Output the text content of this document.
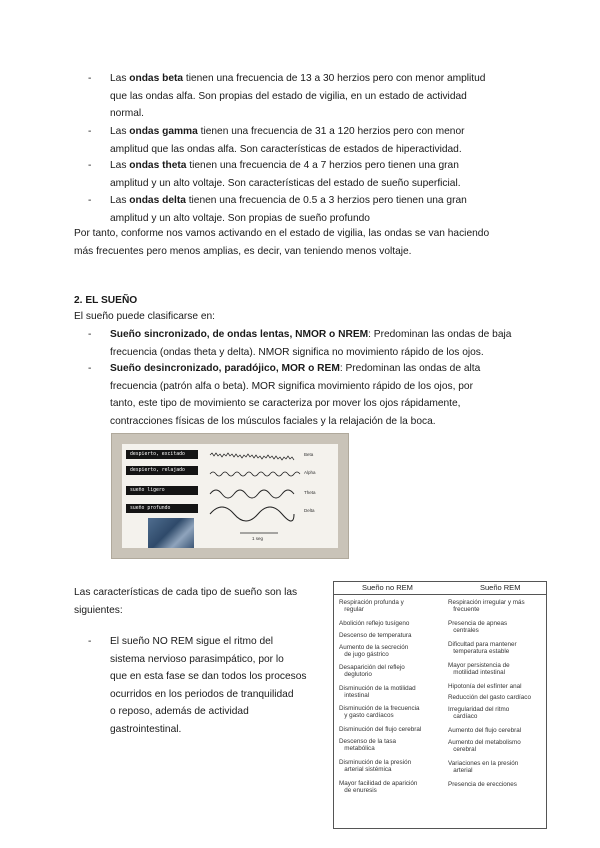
- Las ondas beta tienen una frecuencia de 13 a 30 herzios pero con menor amplitud
que las ondas alfa. Son propias del estado de vigilia, en un estado de actividad
normal.
- Las ondas gamma tienen una frecuencia de 31 a 120 herzios pero con menor
amplitud que las ondas alfa. Son características de estados de hiperactividad.
- Las ondas theta tienen una frecuencia de 4 a 7 herzios pero tienen una gran
amplitud y un alto voltaje. Son características del estado de sueño superficial.
- Las ondas delta tienen una frecuencia de 0.5 a 3 herzios pero tienen una gran
amplitud y un alto voltaje. Son propias de sueño profundo
Por tanto, conforme nos vamos activando en el estado de vigilia, las ondas se van haciendo
más frecuentes pero menos amplias, es decir, van teniendo menos voltaje.
2. EL SUEÑO
El sueño puede clasificarse en:
- Sueño sincronizado, de ondas lentas, NMOR o NREM: Predominan las ondas de baja
frecuencia (ondas theta y delta). NMOR significa no movimiento rápido de los ojos.
- Sueño desincronizado, paradójico, MOR o REM: Predominan las ondas de alta
frecuencia (patrón alfa o beta). MOR significa movimiento rápido de los ojos, por
tanto, este tipo de movimiento se caracteriza por mover los ojos rápidamente,
contracciones físicas de los músculos faciales y la relajación de la boca.
despierto, excitado
despierto, relajado
sueño ligero
sueño profundo
Beta
Alpha
Theta
Delta
1 seg
Las características de cada tipo de sueño son las
siguientes:
- El sueño NO REM sigue el ritmo del
sistema nervioso parasimpático, por lo
que en esta fase se dan todos los procesos
ocurridos en los periodos de tranquilidad
o reposo, además de actividad
gastrointestinal.
Sueño no REM	Sueño REM
Respiración profunda y
regular
Abolición reflejo tusígeno
Descenso de temperatura
Aumento de la secreción
de jugo gástrico
Desaparición del reflejo
deglutorio
Disminución de la motilidad
intestinal
Disminución de la frecuencia
y gasto cardíacos
Disminución del flujo cerebral
Descenso de la tasa
metabólica
Disminución de la presión
arterial sistémica
Mayor facilidad de aparición
de enuresis
Respiración irregular y más
frecuente
Presencia de apneas
centrales
Dificultad para mantener
temperatura estable
Mayor persistencia de
motilidad intestinal
Hipotonía del esfínter anal
Reducción del gasto cardíaco
Irregularidad del ritmo
cardíaco
Aumento del flujo cerebral
Aumento del metabolismo
cerebral
Variaciones en la presión
arterial
Presencia de erecciones
